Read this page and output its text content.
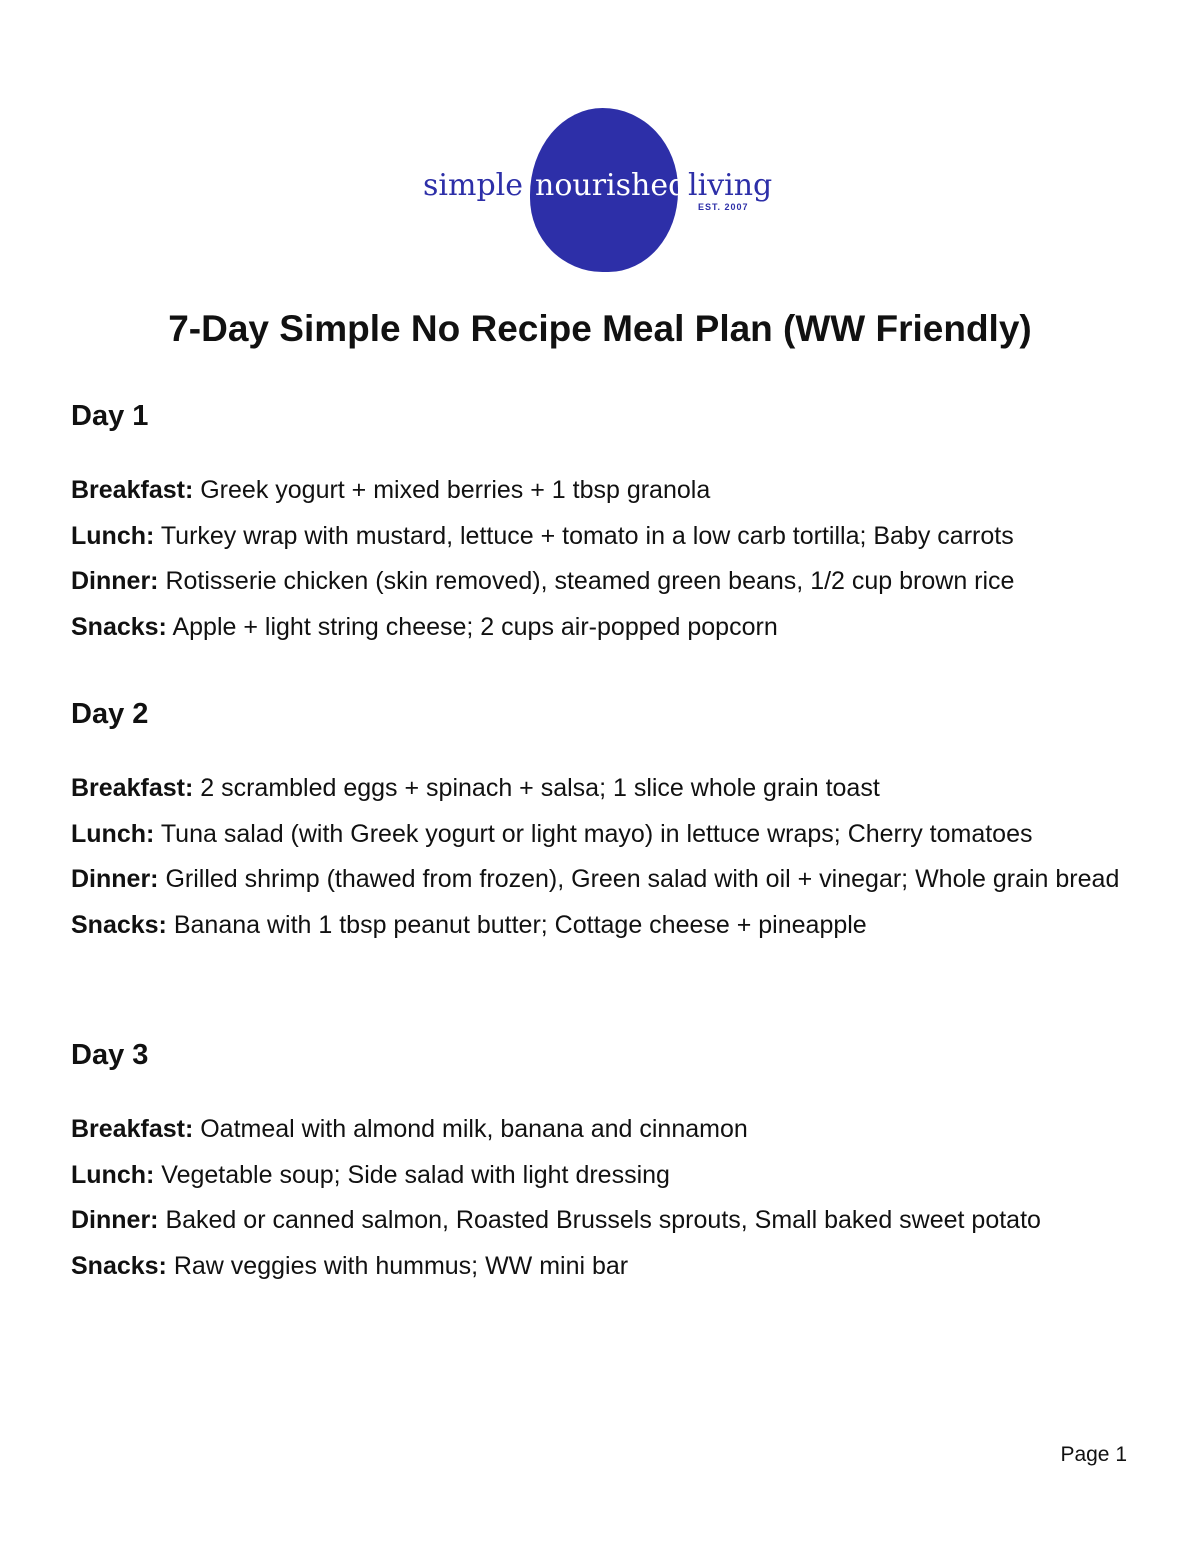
simple nourished living
EST. 2007
7-Day Simple No Recipe Meal Plan (WW Friendly)
Day 1

Breakfast: Greek yogurt + mixed berries + 1 tbsp granola

Lunch: Turkey wrap with mustard, lettuce + tomato in a low carb tortilla; Baby carrots

Dinner: Rotisserie chicken (skin removed), steamed green beans, 1/2 cup brown rice

Snacks: Apple + light string cheese; 2 cups air-popped popcorn

Day 2

Breakfast: 2 scrambled eggs + spinach + salsa; 1 slice whole grain toast

Lunch: Tuna salad (with Greek yogurt or light mayo) in lettuce wraps; Cherry tomatoes

Dinner: Grilled shrimp (thawed from frozen), Green salad with oil + vinegar; Whole grain bread

Snacks: Banana with 1 tbsp peanut butter; Cottage cheese + pineapple

Day 3

Breakfast: Oatmeal with almond milk, banana and cinnamon

Lunch: Vegetable soup; Side salad with light dressing

Dinner: Baked or canned salmon, Roasted Brussels sprouts, Small baked sweet potato

Snacks: Raw veggies with hummus; WW mini bar

Page 1
